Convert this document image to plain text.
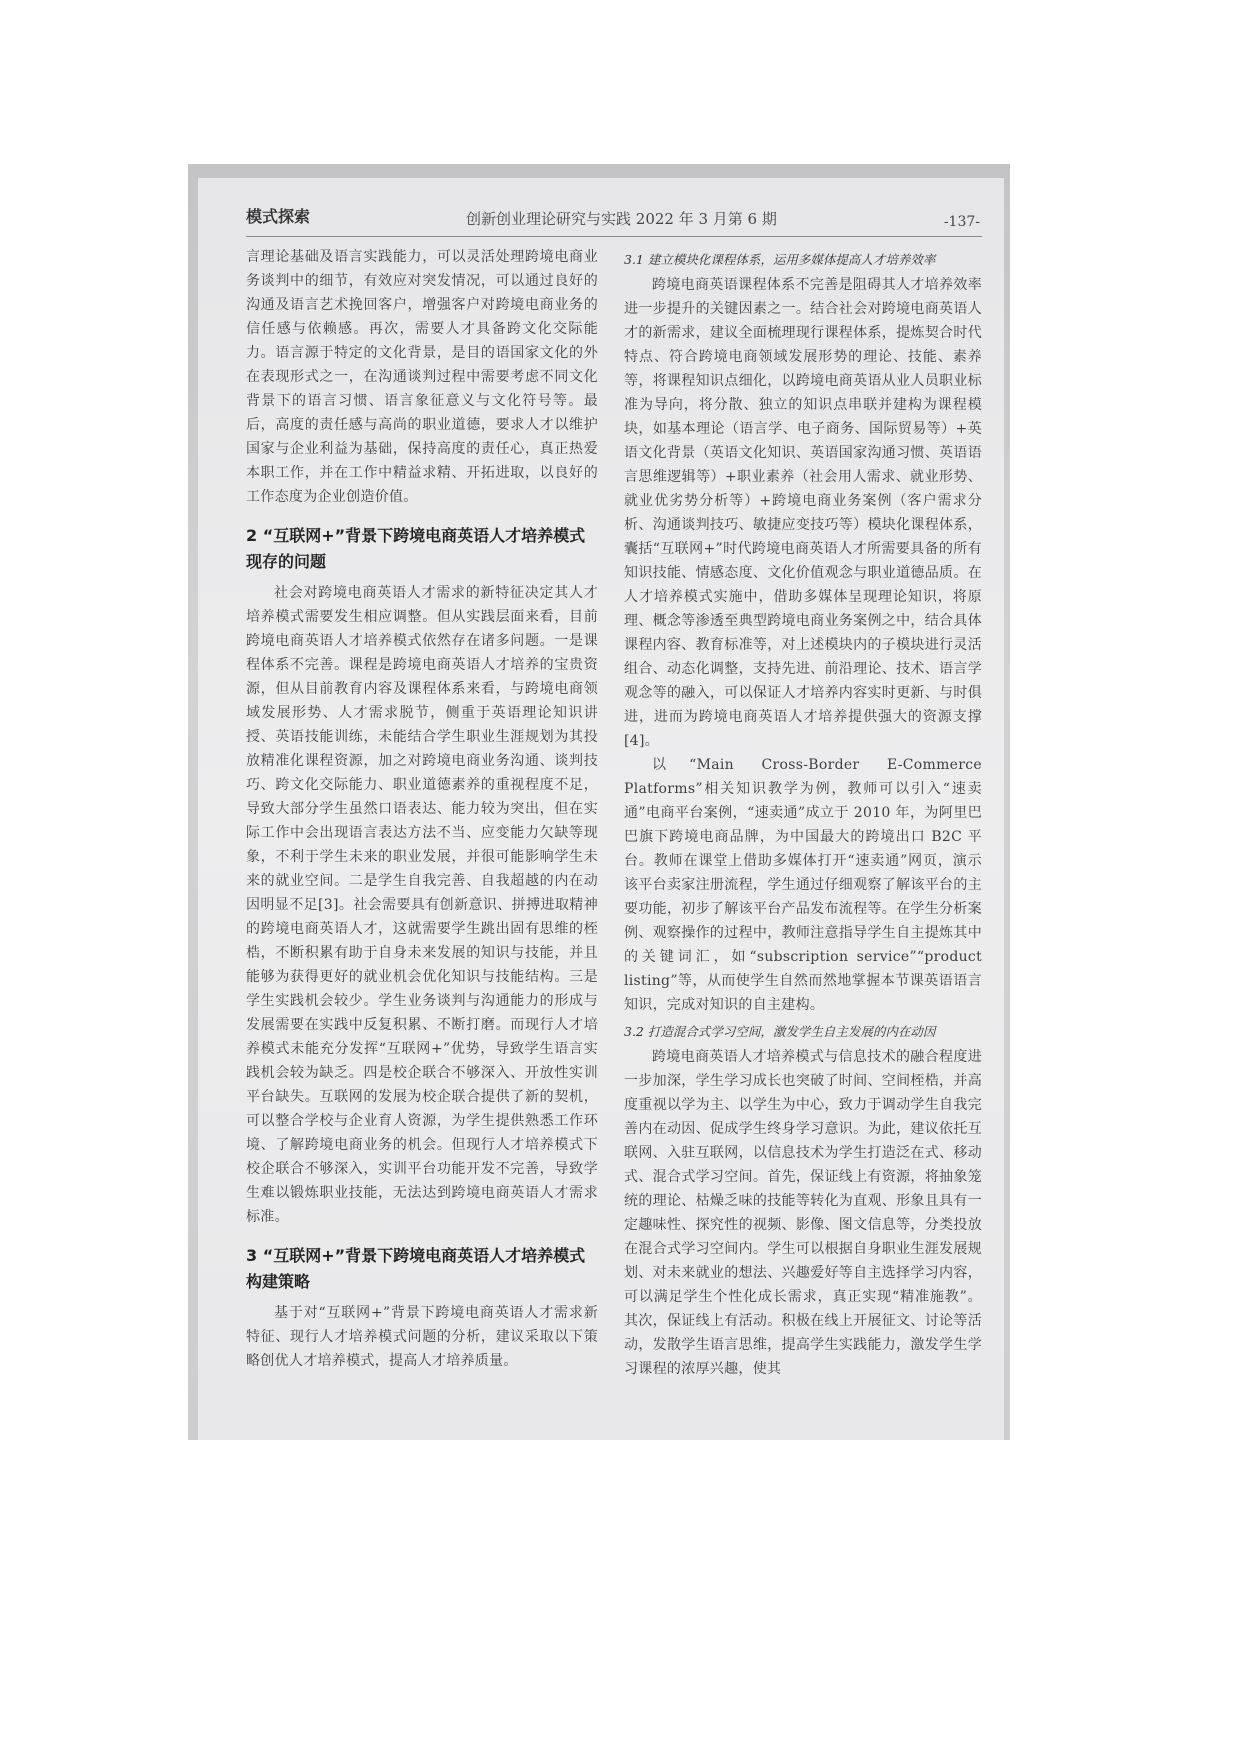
模式探索	创新创业理论研究与实践 2022 年 3 月第 6 期	-137-

言理论基础及语言实践能力，可以灵活处理跨境电商业务谈判中的细节，有效应对突发情况，可以通过良好的沟通及语言艺术挽回客户，增强客户对跨境电商业务的信任感与依赖感。再次，需要人才具备跨文化交际能力。语言源于特定的文化背景，是目的语国家文化的外在表现形式之一，在沟通谈判过程中需要考虑不同文化背景下的语言习惯、语言象征意义与文化符号等。最后，高度的责任感与高尚的职业道德，要求人才以维护国家与企业利益为基础，保持高度的责任心，真正热爱本职工作，并在工作中精益求精、开拓进取，以良好的工作态度为企业创造价值。

2 “互联网+”背景下跨境电商英语人才培养模式现存的问题

社会对跨境电商英语人才需求的新特征决定其人才培养模式需要发生相应调整。但从实践层面来看，目前跨境电商英语人才培养模式依然存在诸多问题。一是课程体系不完善。课程是跨境电商英语人才培养的宝贵资源，但从目前教育内容及课程体系来看，与跨境电商领域发展形势、人才需求脱节，侧重于英语理论知识讲授、英语技能训练，未能结合学生职业生涯规划为其投放精准化课程资源，加之对跨境电商业务沟通、谈判技巧、跨文化交际能力、职业道德素养的重视程度不足，导致大部分学生虽然口语表达、能力较为突出，但在实际工作中会出现语言表达方法不当、应变能力欠缺等现象，不利于学生未来的职业发展，并很可能影响学生未来的就业空间。二是学生自我完善、自我超越的内在动因明显不足[3]。社会需要具有创新意识、拼搏进取精神的跨境电商英语人才，这就需要学生跳出固有思维的桎梏，不断积累有助于自身未来发展的知识与技能，并且能够为获得更好的就业机会优化知识与技能结构。三是学生实践机会较少。学生业务谈判与沟通能力的形成与发展需要在实践中反复积累、不断打磨。而现行人才培养模式未能充分发挥“互联网+”优势，导致学生语言实践机会较为缺乏。四是校企联合不够深入、开放性实训平台缺失。互联网的发展为校企联合提供了新的契机，可以整合学校与企业育人资源，为学生提供熟悉工作环境、了解跨境电商业务的机会。但现行人才培养模式下校企联合不够深入，实训平台功能开发不完善，导致学生难以锻炼职业技能，无法达到跨境电商英语人才需求标准。

3 “互联网+”背景下跨境电商英语人才培养模式构建策略

基于对“互联网+”背景下跨境电商英语人才需求新特征、现行人才培养模式问题的分析，建议采取以下策略创优人才培养模式，提高人才培养质量。

3.1 建立模块化课程体系，运用多媒体提高人才培养效率

跨境电商英语课程体系不完善是阻碍其人才培养效率进一步提升的关键因素之一。结合社会对跨境电商英语人才的新需求，建议全面梳理现行课程体系，提炼契合时代特点、符合跨境电商领域发展形势的理论、技能、素养等，将课程知识点细化，以跨境电商英语从业人员职业标准为导向，将分散、独立的知识点串联并建构为课程模块，如基本理论（语言学、电子商务、国际贸易等）+英语文化背景（英语文化知识、英语国家沟通习惯、英语语言思维逻辑等）+职业素养（社会用人需求、就业形势、就业优劣势分析等）+跨境电商业务案例（客户需求分析、沟通谈判技巧、敏捷应变技巧等）模块化课程体系，囊括“互联网+”时代跨境电商英语人才所需要具备的所有知识技能、情感态度、文化价值观念与职业道德品质。在人才培养模式实施中，借助多媒体呈现理论知识，将原理、概念等渗透至典型跨境电商业务案例之中，结合具体课程内容、教育标准等，对上述模块内的子模块进行灵活组合、动态化调整，支持先进、前沿理论、技术、语言学观念等的融入，可以保证人才培养内容实时更新、与时俱进，进而为跨境电商英语人才培养提供强大的资源支撑[4]。

以“Main Cross-Border E-Commerce Platforms”相关知识教学为例，教师可以引入“速卖通”电商平台案例，“速卖通”成立于 2010 年，为阿里巴巴旗下跨境电商品牌，为中国最大的跨境出口 B2C 平台。教师在课堂上借助多媒体打开“速卖通”网页，演示该平台卖家注册流程，学生通过仔细观察了解该平台的主要功能，初步了解该平台产品发布流程等。在学生分析案例、观察操作的过程中，教师注意指导学生自主提炼其中的关键词汇，如“subscription service”“product listing”等，从而使学生自然而然地掌握本节课英语语言知识，完成对知识的自主建构。

3.2 打造混合式学习空间，激发学生自主发展的内在动因

跨境电商英语人才培养模式与信息技术的融合程度进一步加深，学生学习成长也突破了时间、空间桎梏，并高度重视以学为主、以学生为中心，致力于调动学生自我完善内在动因、促成学生终身学习意识。为此，建议依托互联网、入驻互联网，以信息技术为学生打造泛在式、移动式、混合式学习空间。首先，保证线上有资源，将抽象笼统的理论、枯燥乏味的技能等转化为直观、形象且具有一定趣味性、探究性的视频、影像、图文信息等，分类投放在混合式学习空间内。学生可以根据自身职业生涯发展规划、对未来就业的想法、兴趣爱好等自主选择学习内容，可以满足学生个性化成长需求，真正实现“精准施教”。其次，保证线上有活动。积极在线上开展征文、讨论等活动，发散学生语言思维，提高学生实践能力，激发学生学习课程的浓厚兴趣，使其
